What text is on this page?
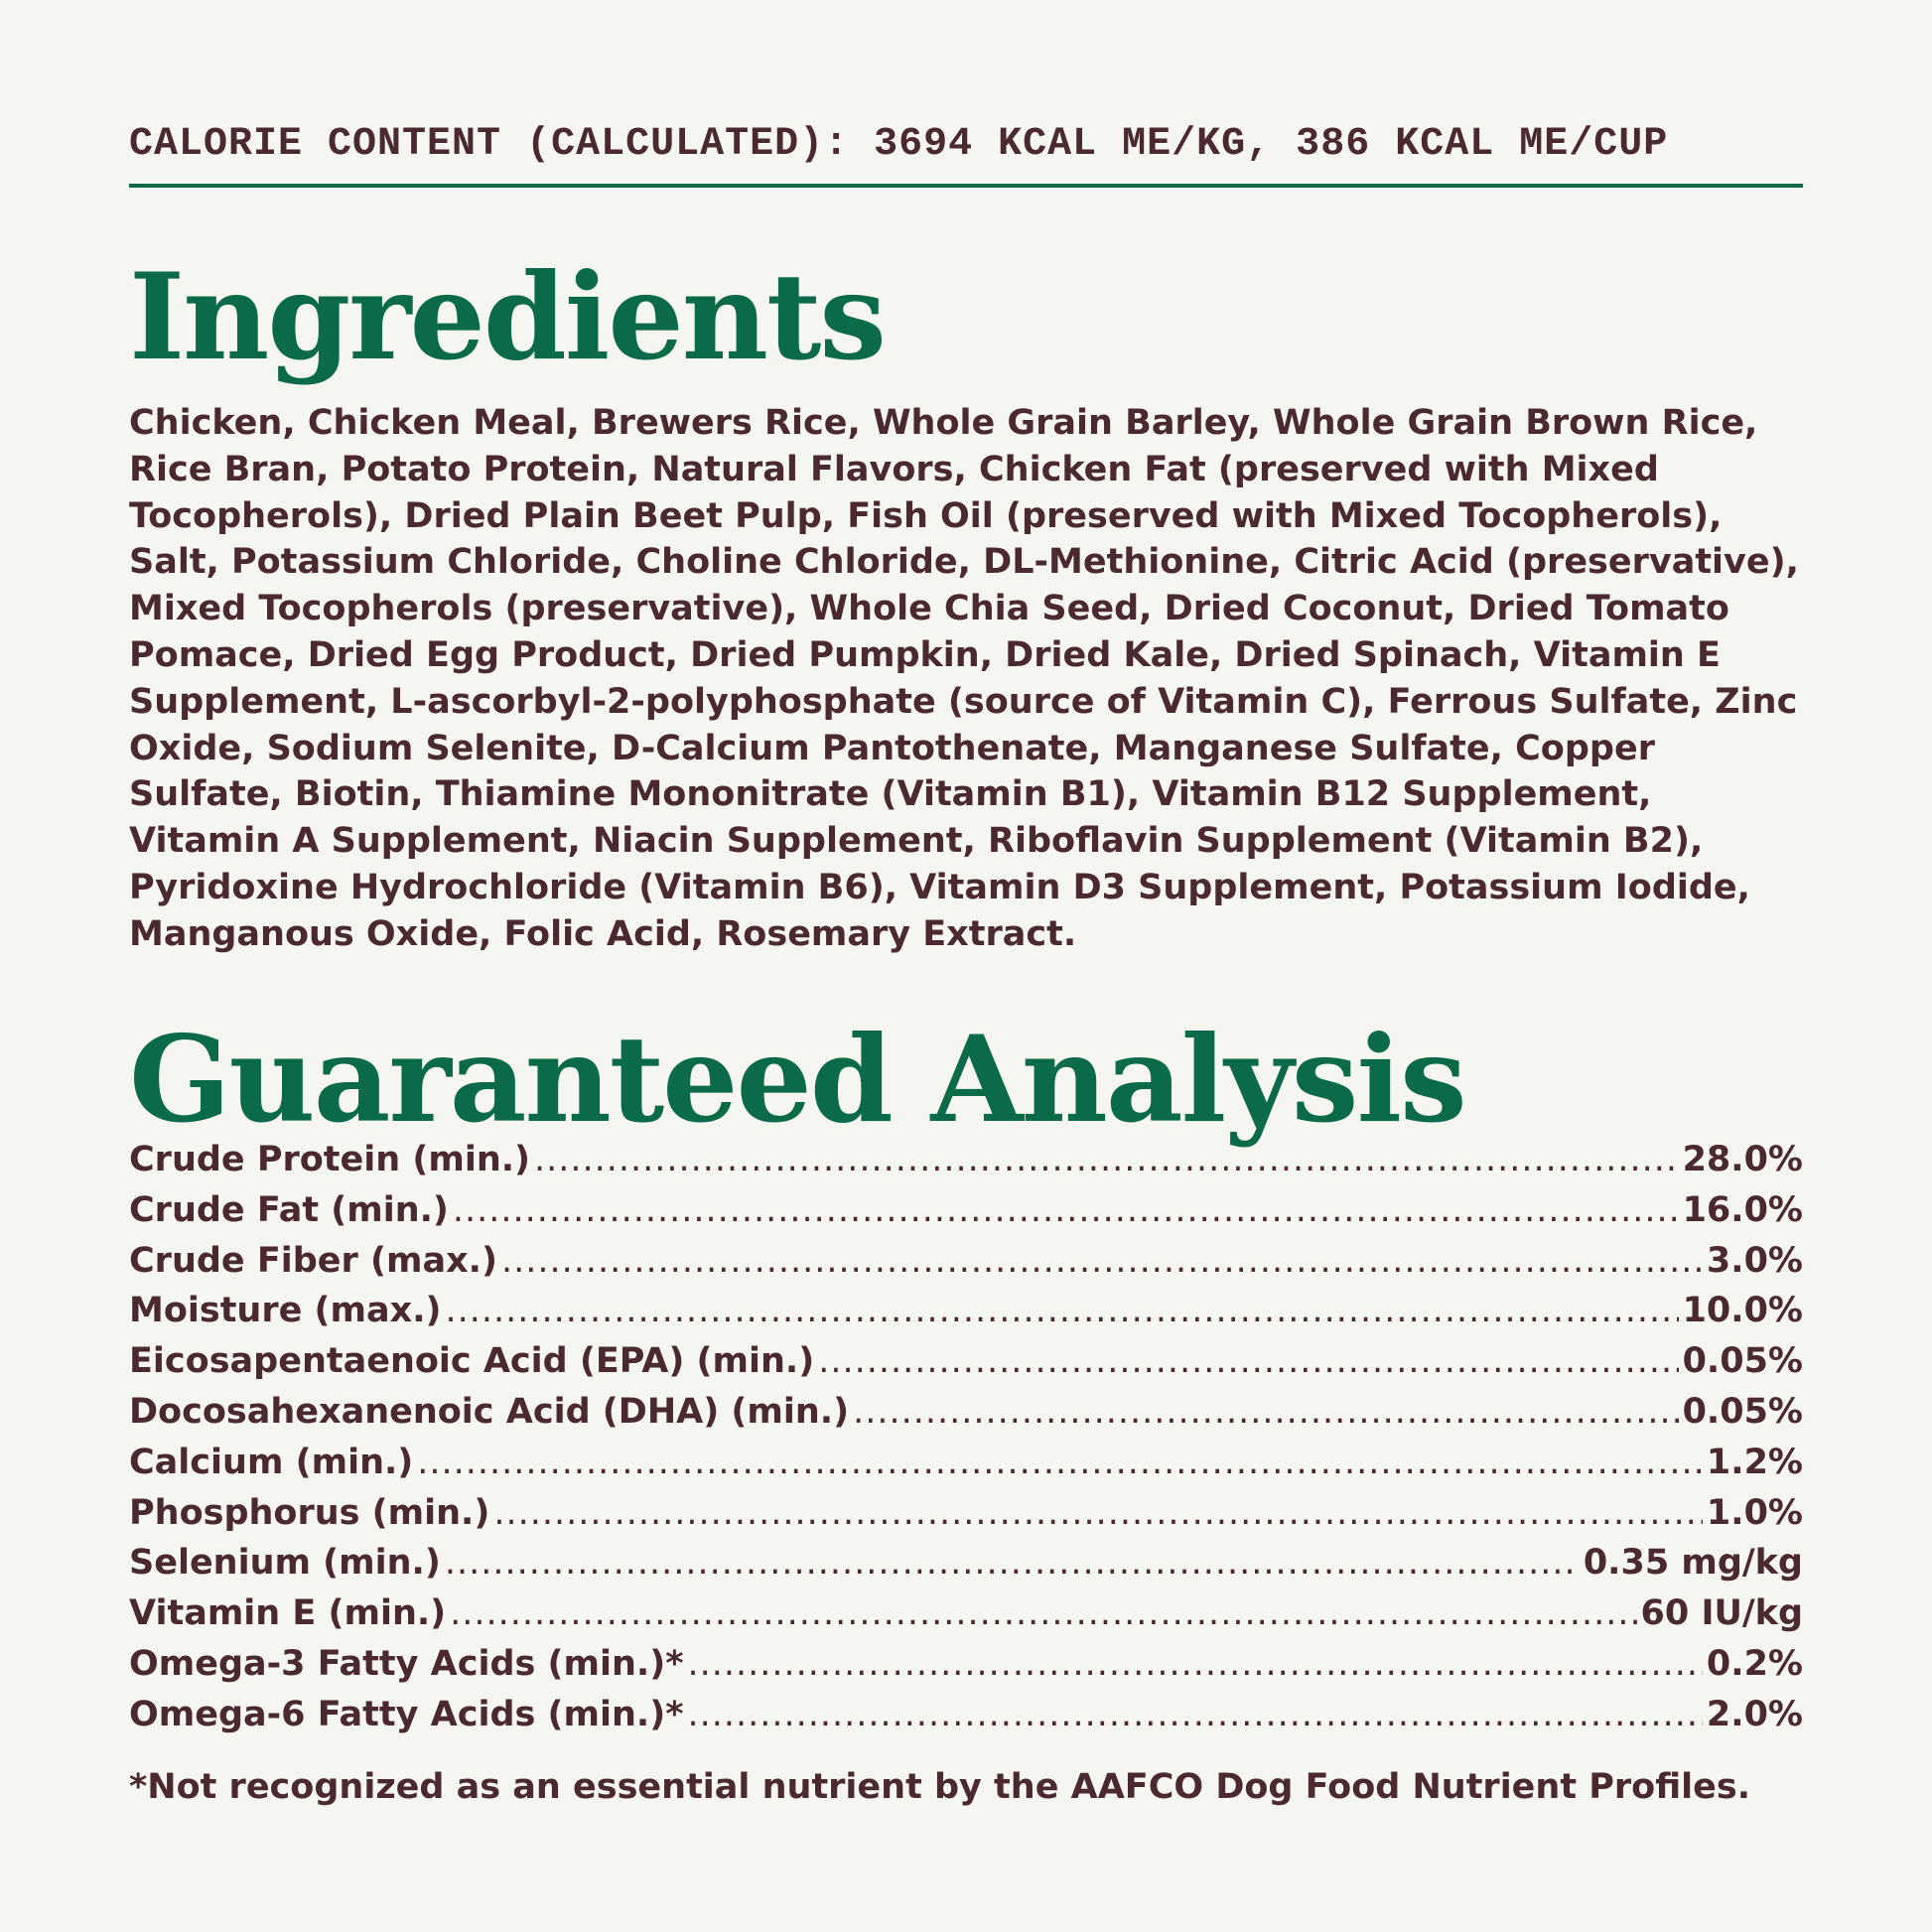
CALORIE CONTENT (CALCULATED): 3694 KCAL ME/KG, 386 KCAL ME/CUP
Ingredients
Chicken, Chicken Meal, Brewers Rice, Whole Grain Barley, Whole Grain Brown Rice, Rice Bran, Potato Protein, Natural Flavors, Chicken Fat (preserved with Mixed Tocopherols), Dried Plain Beet Pulp, Fish Oil (preserved with Mixed Tocopherols), Salt, Potassium Chloride, Choline Chloride, DL-Methionine, Citric Acid (preservative), Mixed Tocopherols (preservative), Whole Chia Seed, Dried Coconut, Dried Tomato Pomace, Dried Egg Product, Dried Pumpkin, Dried Kale, Dried Spinach, Vitamin E Supplement, L-ascorbyl-2-polyphosphate (source of Vitamin C), Ferrous Sulfate, Zinc Oxide, Sodium Selenite, D-Calcium Pantothenate, Manganese Sulfate, Copper Sulfate, Biotin, Thiamine Mononitrate (Vitamin B1), Vitamin B12 Supplement, Vitamin A Supplement, Niacin Supplement, Riboflavin Supplement (Vitamin B2), Pyridoxine Hydrochloride (Vitamin B6), Vitamin D3 Supplement, Potassium Iodide, Manganous Oxide, Folic Acid, Rosemary Extract.
Guaranteed Analysis
Crude Protein (min.) .....	28.0%
Crude Fat (min.) .....	16.0%
Crude Fiber (max.) .....	3.0%
Moisture (max.) .....	10.0%
Eicosapentaenoic Acid (EPA) (min.) .....	0.05%
Docosahexanenoic Acid (DHA) (min.) .....	0.05%
Calcium (min.) .....	1.2%
Phosphorus (min.) .....	1.0%
Selenium (min.) .....	0.35 mg/kg
Vitamin E (min.) .....	60 IU/kg
Omega-3 Fatty Acids (min.)* .....	0.2%
Omega-6 Fatty Acids (min.)* .....	2.0%
*Not recognized as an essential nutrient by the AAFCO Dog Food Nutrient Profiles.
